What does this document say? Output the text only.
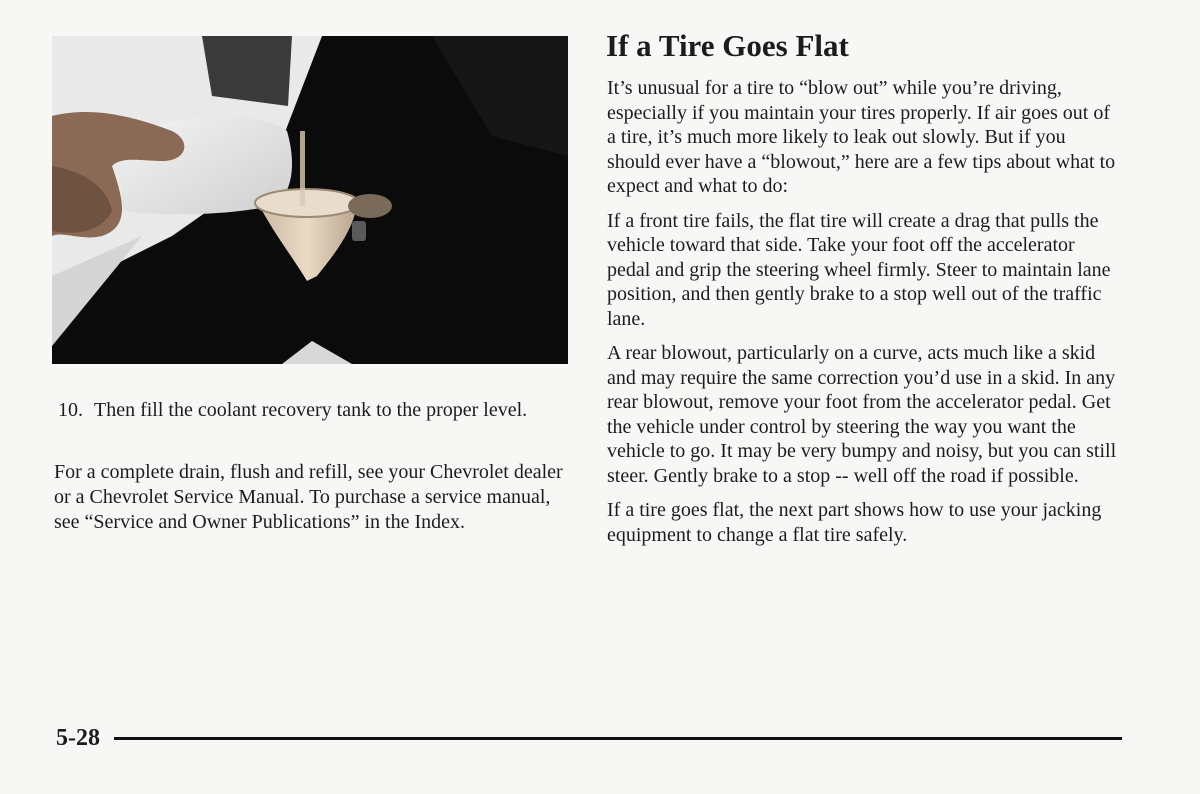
10. Then fill the coolant recovery tank to the proper level.

For a complete drain, flush and refill, see your Chevrolet dealer or a Chevrolet Service Manual. To purchase a service manual, see “Service and Owner Publications” in the Index.

If a Tire Goes Flat

It’s unusual for a tire to “blow out” while you’re driving, especially if you maintain your tires properly. If air goes out of a tire, it’s much more likely to leak out slowly. But if you should ever have a “blowout,” here are a few tips about what to expect and what to do:

If a front tire fails, the flat tire will create a drag that pulls the vehicle toward that side. Take your foot off the accelerator pedal and grip the steering wheel firmly. Steer to maintain lane position, and then gently brake to a stop well out of the traffic lane.

A rear blowout, particularly on a curve, acts much like a skid and may require the same correction you’d use in a skid. In any rear blowout, remove your foot from the accelerator pedal. Get the vehicle under control by steering the way you want the vehicle to go. It may be very bumpy and noisy, but you can still steer. Gently brake to a stop -- well off the road if possible.

If a tire goes flat, the next part shows how to use your jacking equipment to change a flat tire safely.

5-28
